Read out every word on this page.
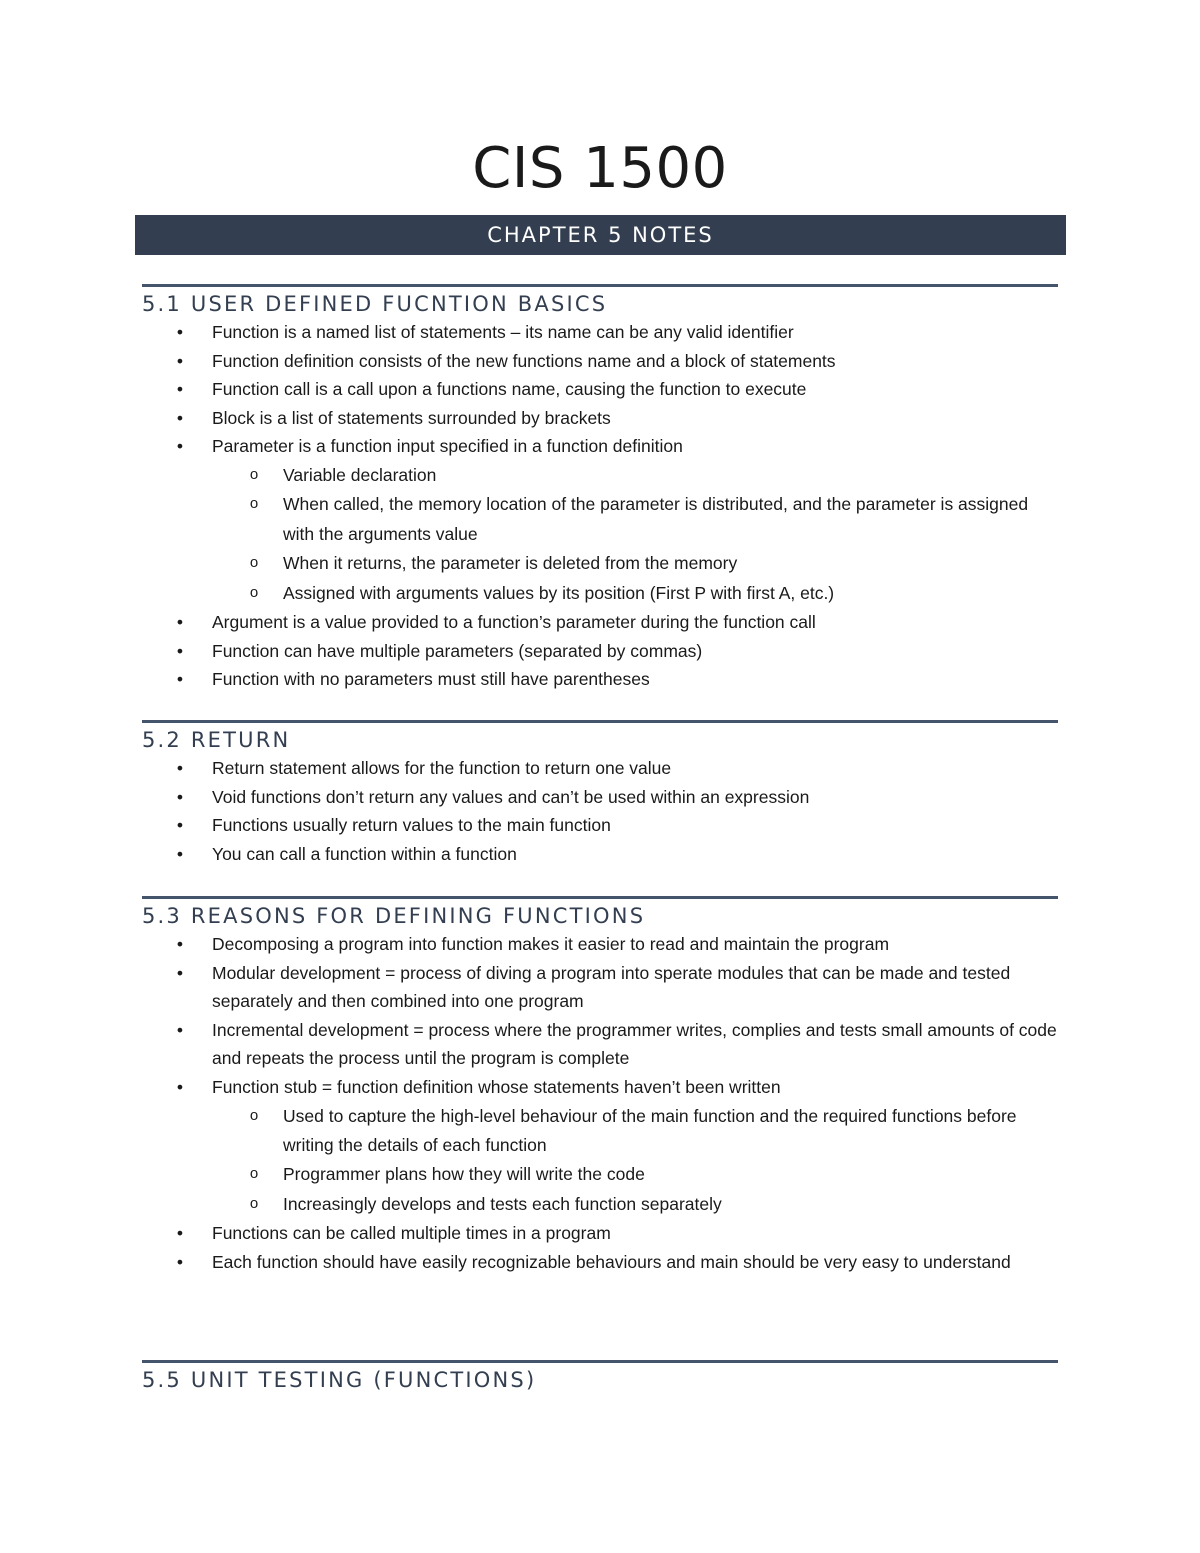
CIS 1500
CHAPTER 5 NOTES
5.1 USER DEFINED FUCNTION BASICS
• Function is a named list of statements – its name can be any valid identifier
• Function definition consists of the new functions name and a block of statements
• Function call is a call upon a functions name, causing the function to execute
• Block is a list of statements surrounded by brackets
• Parameter is a function input specified in a function definition
o Variable declaration
o When called, the memory location of the parameter is distributed, and the parameter is assigned with the arguments value
o When it returns, the parameter is deleted from the memory
o Assigned with arguments values by its position (First P with first A, etc.)
• Argument is a value provided to a function’s parameter during the function call
• Function can have multiple parameters (separated by commas)
• Function with no parameters must still have parentheses
5.2 RETURN
• Return statement allows for the function to return one value
• Void functions don’t return any values and can’t be used within an expression
• Functions usually return values to the main function
• You can call a function within a function
5.3 REASONS FOR DEFINING FUNCTIONS
• Decomposing a program into function makes it easier to read and maintain the program
• Modular development = process of diving a program into sperate modules that can be made and tested separately and then combined into one program
• Incremental development = process where the programmer writes, complies and tests small amounts of code and repeats the process until the program is complete
• Function stub = function definition whose statements haven’t been written
o Used to capture the high-level behaviour of the main function and the required functions before writing the details of each function
o Programmer plans how they will write the code
o Increasingly develops and tests each function separately
• Functions can be called multiple times in a program
• Each function should have easily recognizable behaviours and main should be very easy to understand
5.5 UNIT TESTING (FUNCTIONS)
